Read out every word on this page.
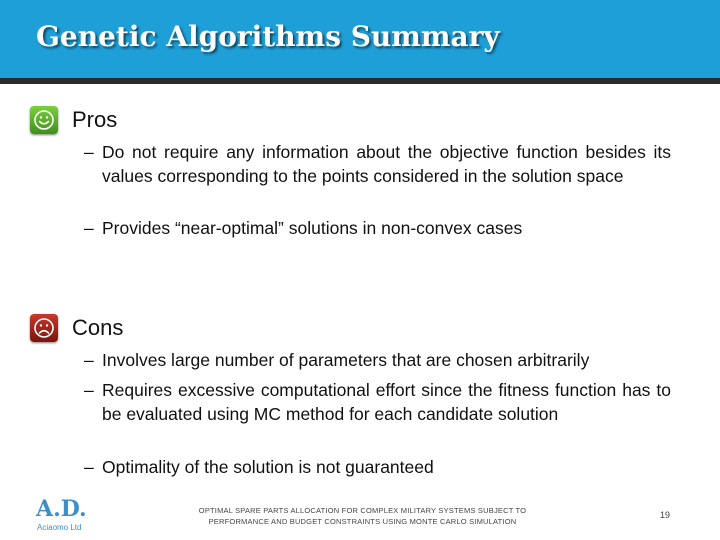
Genetic Algorithms Summary
Pros
– Do not require any information about the objective function besides its values corresponding to the points considered in the solution space
– Provides “near-optimal” solutions in non-convex cases
Cons
– Involves large number of parameters that are chosen arbitrarily
– Requires excessive computational effort since the fitness function has to be evaluated using MC method for each candidate solution
– Optimality of the solution is not guaranteed
A.D.
Aciaomo Ltd
OPTIMAL SPARE PARTS ALLOCATION FOR COMPLEX MILITARY SYSTEMS SUBJECT TO
PERFORMANCE AND BUDGET CONSTRAINTS USING MONTE CARLO SIMULATION
19
